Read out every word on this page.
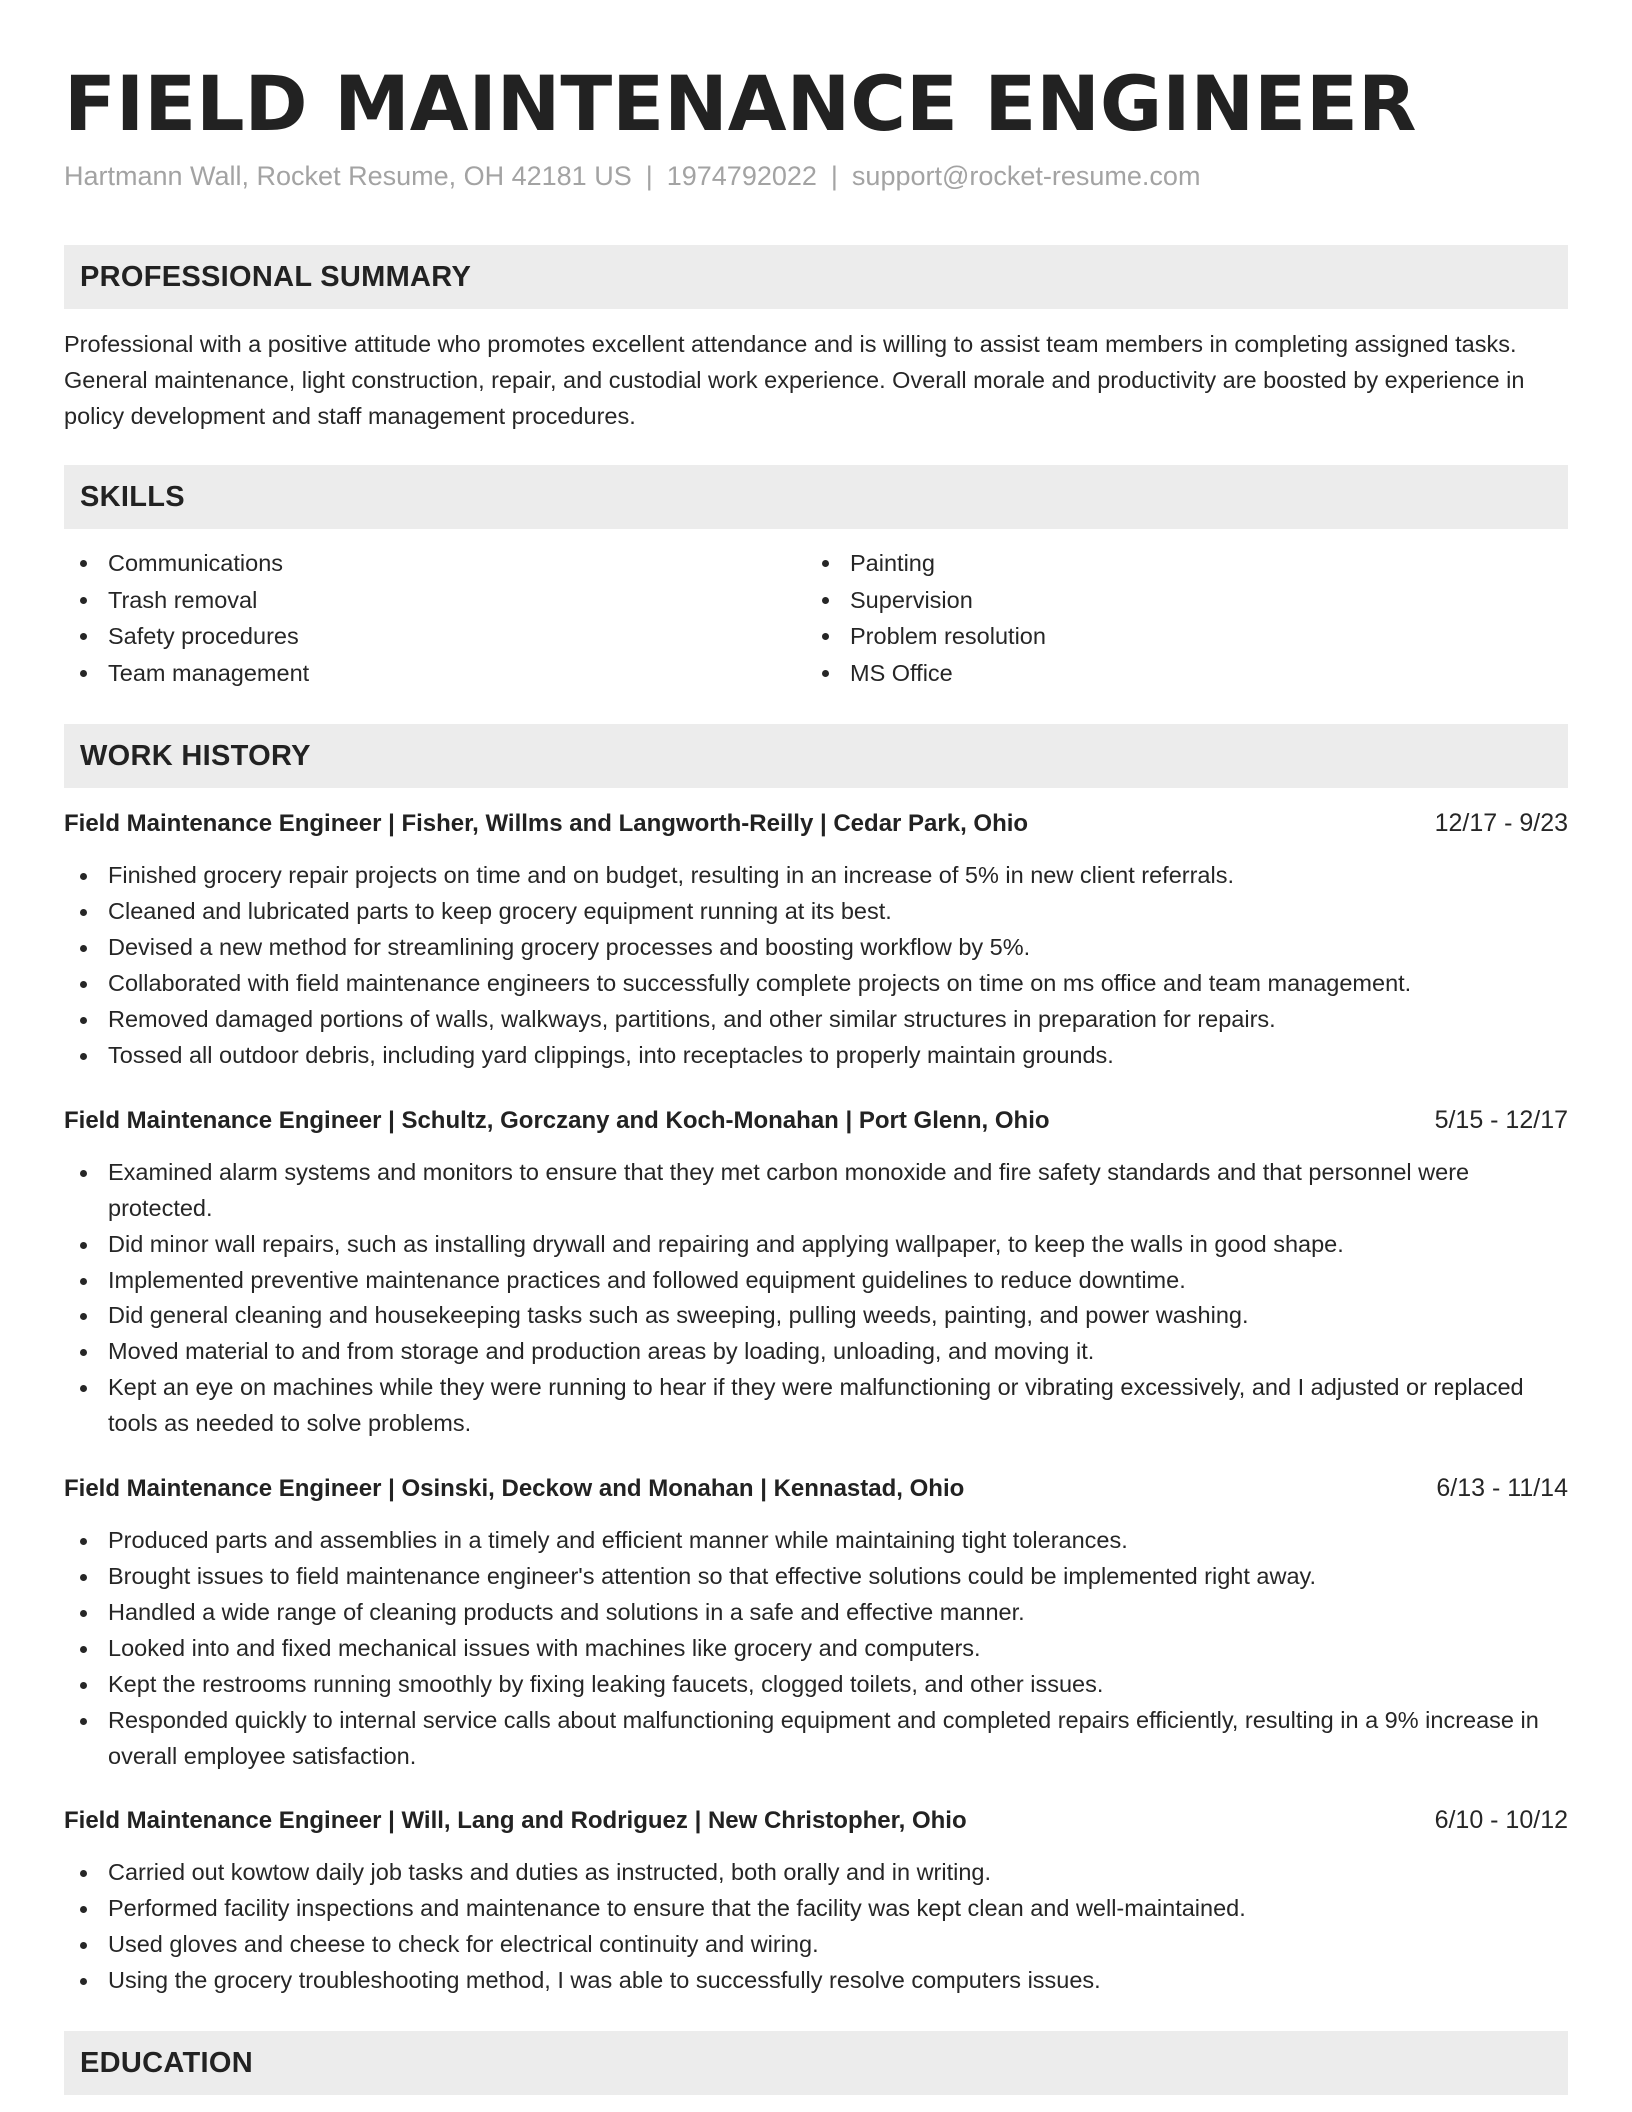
FIELD MAINTENANCE ENGINEER
Hartmann Wall, Rocket Resume, OH 42181 US | 1974792022 | support@rocket-resume.com
PROFESSIONAL SUMMARY

Professional with a positive attitude who promotes excellent attendance and is willing to assist team members in completing assigned tasks. General maintenance, light construction, repair, and custodial work experience. Overall morale and productivity are boosted by experience in policy development and staff management procedures.

SKILLS
Communications
Trash removal
Safety procedures
Team management
Painting
Supervision
Problem resolution
MS Office
WORK HISTORY
Field Maintenance Engineer | Fisher, Willms and Langworth-Reilly | Cedar Park, Ohio	12/17 - 9/23
Finished grocery repair projects on time and on budget, resulting in an increase of 5% in new client referrals.
Cleaned and lubricated parts to keep grocery equipment running at its best.
Devised a new method for streamlining grocery processes and boosting workflow by 5%.
Collaborated with field maintenance engineers to successfully complete projects on time on ms office and team management.
Removed damaged portions of walls, walkways, partitions, and other similar structures in preparation for repairs.
Tossed all outdoor debris, including yard clippings, into receptacles to properly maintain grounds.
Field Maintenance Engineer | Schultz, Gorczany and Koch-Monahan | Port Glenn, Ohio	5/15 - 12/17
Examined alarm systems and monitors to ensure that they met carbon monoxide and fire safety standards and that personnel were protected.
Did minor wall repairs, such as installing drywall and repairing and applying wallpaper, to keep the walls in good shape.
Implemented preventive maintenance practices and followed equipment guidelines to reduce downtime.
Did general cleaning and housekeeping tasks such as sweeping, pulling weeds, painting, and power washing.
Moved material to and from storage and production areas by loading, unloading, and moving it.
Kept an eye on machines while they were running to hear if they were malfunctioning or vibrating excessively, and I adjusted or replaced tools as needed to solve problems.
Field Maintenance Engineer | Osinski, Deckow and Monahan | Kennastad, Ohio	6/13 - 11/14
Produced parts and assemblies in a timely and efficient manner while maintaining tight tolerances.
Brought issues to field maintenance engineer's attention so that effective solutions could be implemented right away.
Handled a wide range of cleaning products and solutions in a safe and effective manner.
Looked into and fixed mechanical issues with machines like grocery and computers.
Kept the restrooms running smoothly by fixing leaking faucets, clogged toilets, and other issues.
Responded quickly to internal service calls about malfunctioning equipment and completed repairs efficiently, resulting in a 9% increase in overall employee satisfaction.
Field Maintenance Engineer | Will, Lang and Rodriguez | New Christopher, Ohio	6/10 - 10/12
Carried out kowtow daily job tasks and duties as instructed, both orally and in writing.
Performed facility inspections and maintenance to ensure that the facility was kept clean and well-maintained.
Used gloves and cheese to check for electrical continuity and wiring.
Using the grocery troubleshooting method, I was able to successfully resolve computers issues.
EDUCATION
